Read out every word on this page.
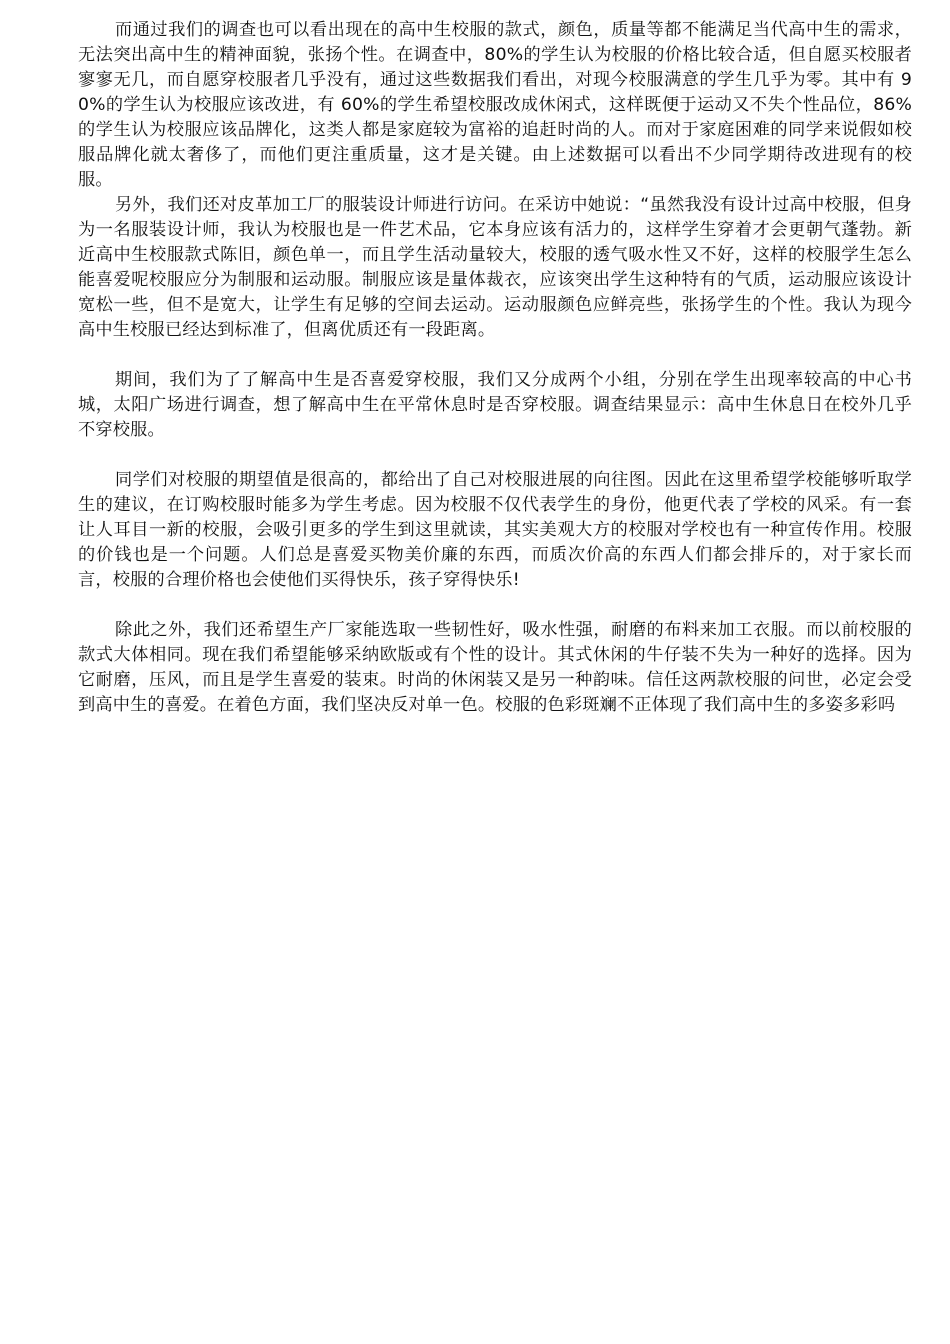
而通过我们的调查也可以看出现在的高中生校服的款式，颜色，质量等都不能满足当代高中生的需求，无法突出高中生的精神面貌，张扬个性。在调查中，80%的学生认为校服的价格比较合适，但自愿买校服者寥寥无几，而自愿穿校服者几乎没有，通过这些数据我们看出，对现今校服满意的学生几乎为零。其中有 90%的学生认为校服应该改进，有 60%的学生希望校服改成休闲式，这样既便于运动又不失个性品位，86%的学生认为校服应该品牌化，这类人都是家庭较为富裕的追赶时尚的人。而对于家庭困难的同学来说假如校服品牌化就太奢侈了，而他们更注重质量，这才是关键。由上述数据可以看出不少同学期待改进现有的校服。

另外，我们还对皮革加工厂的服装设计师进行访问。在采访中她说：“虽然我没有设计过高中校服，但身为一名服装设计师，我认为校服也是一件艺术品，它本身应该有活力的，这样学生穿着才会更朝气蓬勃。新近高中生校服款式陈旧，颜色单一，而且学生活动量较大，校服的透气吸水性又不好，这样的校服学生怎么能喜爱呢校服应分为制服和运动服。制服应该是量体裁衣，应该突出学生这种特有的气质，运动服应该设计宽松一些，但不是宽大，让学生有足够的空间去运动。运动服颜色应鲜亮些，张扬学生的个性。我认为现今高中生校服已经达到标准了，但离优质还有一段距离。

期间，我们为了了解高中生是否喜爱穿校服，我们又分成两个小组，分别在学生出现率较高的中心书城，太阳广场进行调查，想了解高中生在平常休息时是否穿校服。调查结果显示：高中生休息日在校外几乎不穿校服。

同学们对校服的期望值是很高的，都给出了自己对校服进展的向往图。因此在这里希望学校能够听取学生的建议，在订购校服时能多为学生考虑。因为校服不仅代表学生的身份，他更代表了学校的风采。有一套让人耳目一新的校服，会吸引更多的学生到这里就读，其实美观大方的校服对学校也有一种宣传作用。校服的价钱也是一个问题。人们总是喜爱买物美价廉的东西，而质次价高的东西人们都会排斥的，对于家长而言，校服的合理价格也会使他们买得快乐，孩子穿得快乐!

除此之外，我们还希望生产厂家能选取一些韧性好，吸水性强，耐磨的布料来加工衣服。而以前校服的款式大体相同。现在我们希望能够采纳欧版或有个性的设计。其式休闲的牛仔装不失为一种好的选择。因为它耐磨，压风，而且是学生喜爱的装束。时尚的休闲装又是另一种韵味。信任这两款校服的问世，必定会受到高中生的喜爱。在着色方面，我们坚决反对单一色。校服的色彩斑斓不正体现了我们高中生的多姿多彩吗
